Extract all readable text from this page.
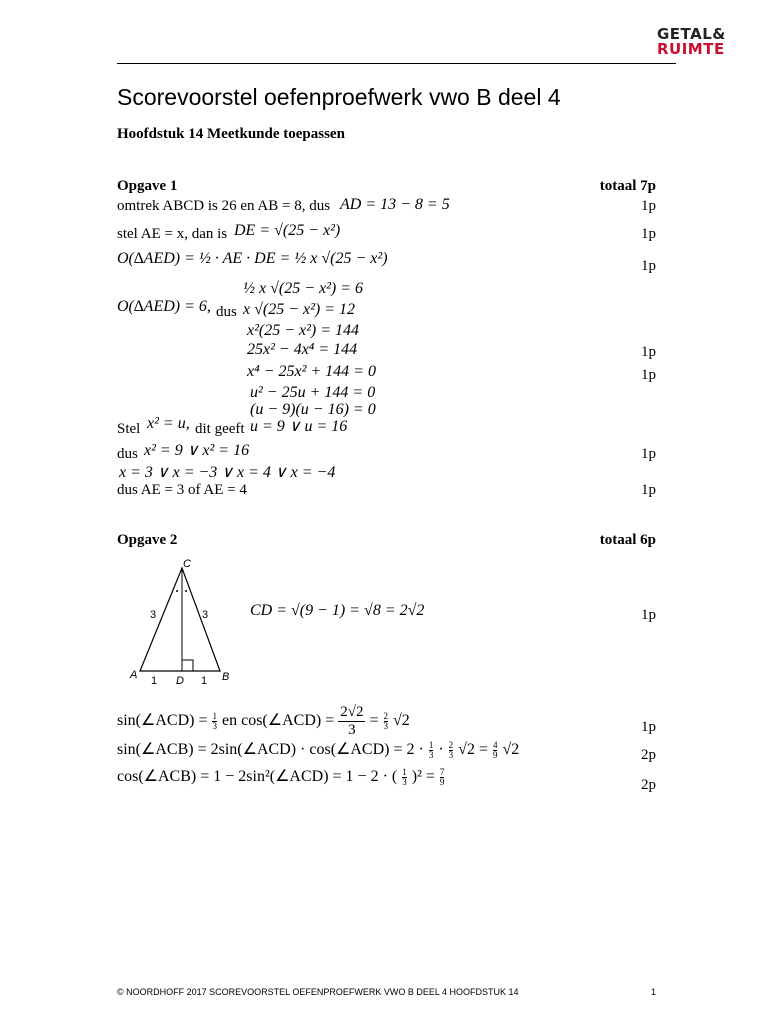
GETAL&
RUIMTE
Scorevoorstel oefenproefwerk vwo B deel 4
Hoofdstuk 14 Meetkunde toepassen
Opgave 1	totaal 7p
omtrek ABCD is 26 en AB = 8, dus AD = 13 − 8 = 5	1p
stel AE = x, dan is DE = √(25 − x²)	1p
O(∆AED) = ½ · AE · DE = ½ x √(25 − x²)	1p
½ x √(25 − x²) = 6
O(∆AED) = 6, dus x √(25 − x²) = 12
x²(25 − x²) = 144
25x² − 4x⁴ = 144	1p
x⁴ − 25x² + 144 = 0	1p
u² − 25u + 144 = 0
(u − 9)(u − 16) = 0
Stel x² = u, dit geeft u = 9 ∨ u = 16
dus x² = 9 ∨ x² = 16	1p
x = 3 ∨ x = −3 ∨ x = 4 ∨ x = −4
dus AE = 3 of AE = 4	1p
Opgave 2	totaal 6p
C
A	B
D
3	3
1	1
CD = √(9 − 1) = √8 = 2√2	1p
sin(∠ACD) = $\frac{1}{3}$ en cos(∠ACD) = $\frac{2√2}{3} = \frac{2}{3} √2$	1p
sin(∠ACB) = 2sin(∠ACD) · cos(∠ACD) = $2 \cdot \frac{1}{3} \cdot \frac{2}{3} √2 = \frac{4}{9} √2$	2p
cos(∠ACB) = 1 − 2sin²(∠ACD) = 1 − 2 · ( $\frac{1}{3} )^2 = \frac{7}{9}$	2p
© NOORDHOFF 2017 SCOREVOORSTEL OEFENPROEFWERK VWO B DEEL 4 HOOFDSTUK 14	1
